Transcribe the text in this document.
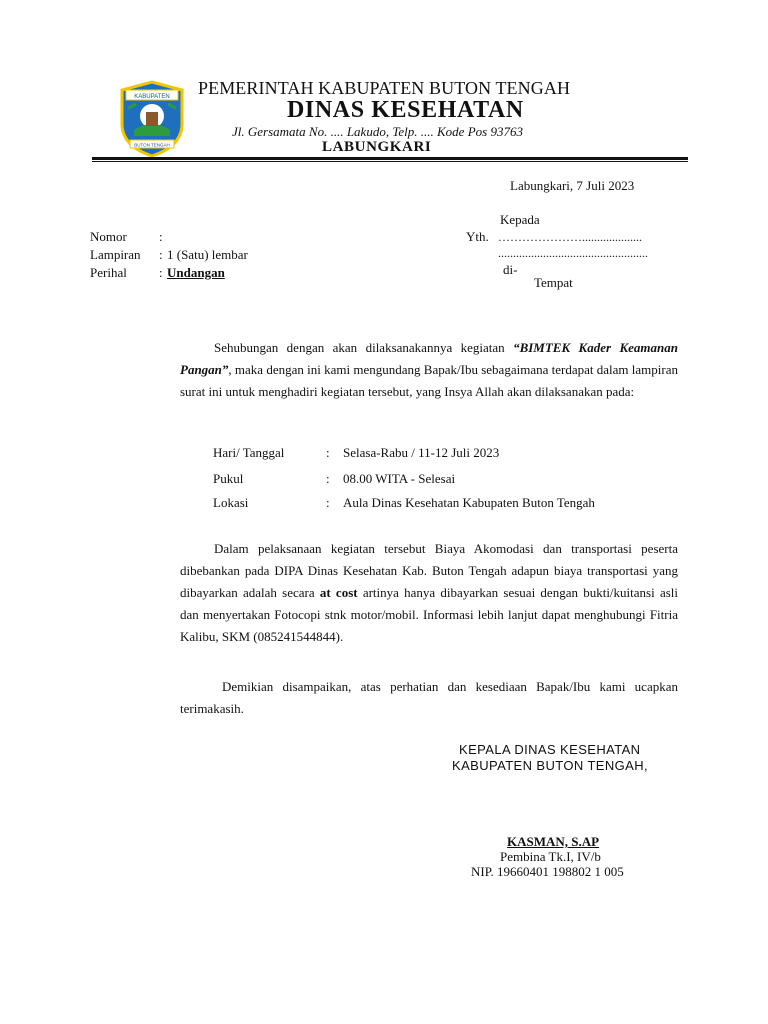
KABUPATEN
BUTON TENGAH
PEMERINTAH KABUPATEN BUTON TENGAH
DINAS KESEHATAN
Jl. Gersamata No. .... Lakudo, Telp. .... Kode Pos 93763
LABUNGKARI
Labungkari, 7 Juli 2023
Kepada
Yth. …………………....................
..................................................
di-
Tempat
Nomor :
Lampiran : 1 (Satu) lembar
Perihal : Undangan
Sehubungan dengan akan dilaksanakannya kegiatan “BIMTEK Kader Keamanan Pangan”, maka dengan ini kami mengundang Bapak/Ibu sebagaimana terdapat dalam lampiran surat ini untuk menghadiri kegiatan tersebut, yang Insya Allah akan dilaksanakan pada:
Hari/ Tanggal	: Selasa-Rabu / 11-12 Juli 2023
Pukul	: 08.00 WITA - Selesai
Lokasi	: Aula Dinas Kesehatan Kabupaten Buton Tengah
Dalam pelaksanaan kegiatan tersebut Biaya Akomodasi dan transportasi peserta dibebankan pada DIPA Dinas Kesehatan Kab. Buton Tengah adapun biaya transportasi yang dibayarkan adalah secara at cost artinya hanya dibayarkan sesuai dengan bukti/kuitansi asli dan menyertakan Fotocopi stnk motor/mobil. Informasi lebih lanjut dapat menghubungi Fitria Kalibu, SKM (085241544844).
Demikian disampaikan, atas perhatian dan kesediaan Bapak/Ibu kami ucapkan terimakasih.
KEPALA DINAS KESEHATAN
KABUPATEN BUTON TENGAH,
KASMAN, S.AP
Pembina Tk.I, IV/b
NIP. 19660401 198802 1 005
